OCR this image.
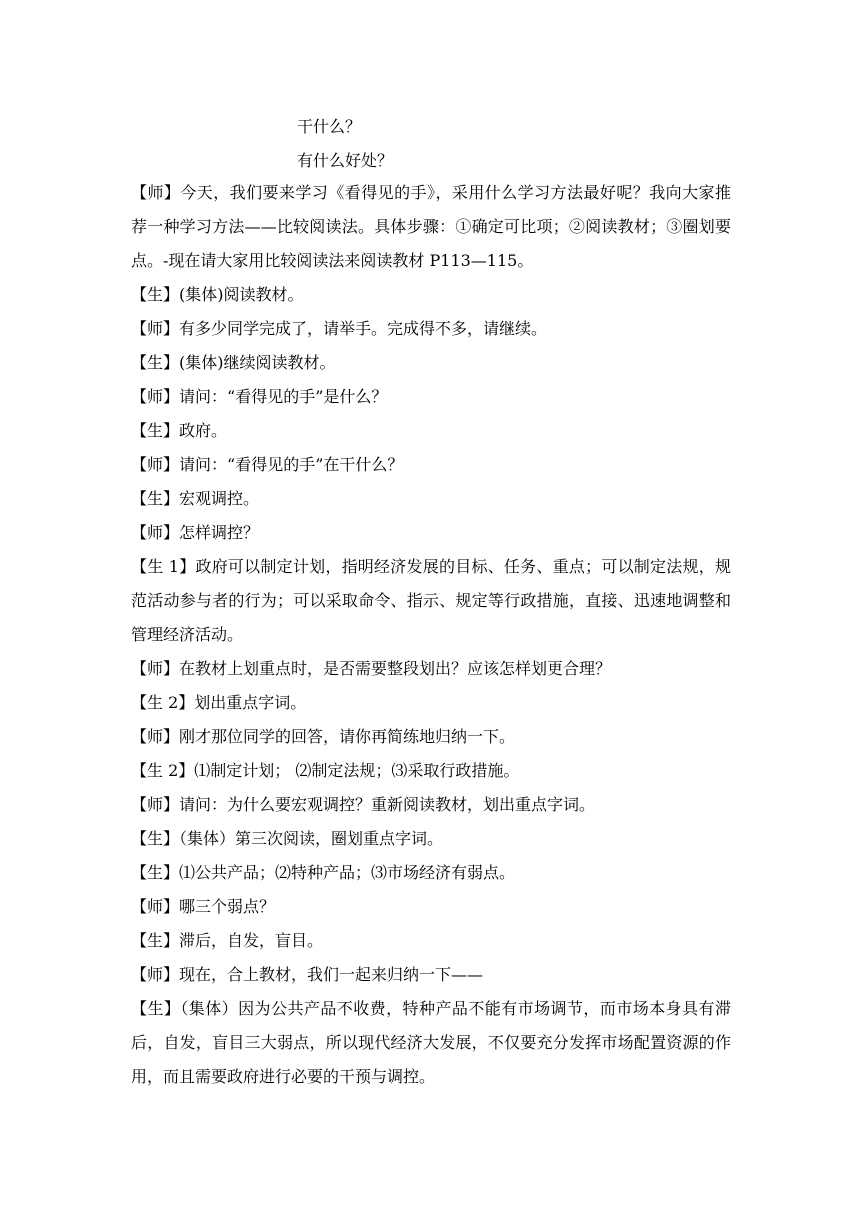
干什么？
有什么好处？

【师】今天，我们要来学习《看得见的手》，采用什么学习方法最好呢？我向大家推荐一种学习方法——比较阅读法。具体步骤：①确定可比项；②阅读教材；③圈划要点。-现在请大家用比较阅读法来阅读教材 P113—115。

【生】(集体)阅读教材。

【师】有多少同学完成了，请举手。完成得不多，请继续。

【生】(集体)继续阅读教材。

【师】请问：“看得见的手”是什么？

【生】政府。

【师】请问：“看得见的手”在干什么？

【生】宏观调控。

【师】怎样调控？

【生 1】政府可以制定计划，指明经济发展的目标、任务、重点；可以制定法规，规范活动参与者的行为；可以采取命令、指示、规定等行政措施，直接、迅速地调整和管理经济活动。

【师】在教材上划重点时，是否需要整段划出？应该怎样划更合理？

【生 2】划出重点字词。

【师】刚才那位同学的回答，请你再简练地归纳一下。

【生 2】⑴制定计划； ⑵制定法规；⑶采取行政措施。

【师】请问：为什么要宏观调控？重新阅读教材，划出重点字词。

【生】（集体）第三次阅读，圈划重点字词。

【生】⑴公共产品；⑵特种产品；⑶市场经济有弱点。

【师】哪三个弱点？

【生】滞后，自发，盲目。

【师】现在，合上教材，我们一起来归纳一下——

【生】（集体）因为公共产品不收费，特种产品不能有市场调节，而市场本身具有滞后，自发，盲目三大弱点，所以现代经济大发展，不仅要充分发挥市场配置资源的作用，而且需要政府进行必要的干预与调控。
